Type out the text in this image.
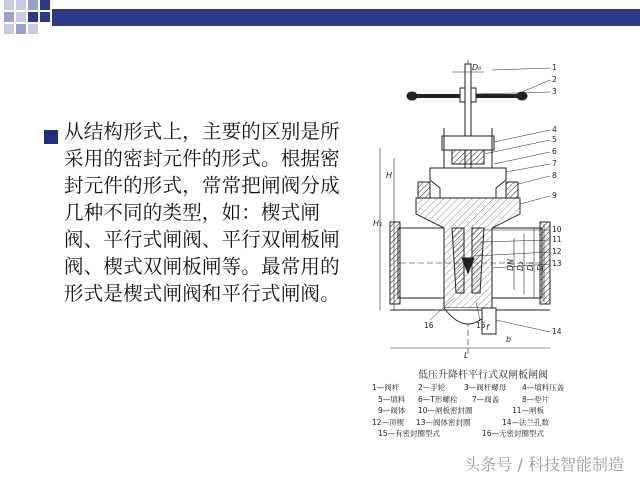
从结构形式上，主要的区别是所采用的密封元件的形式。根据密封元件的形式，常常把闸阀分成几种不同的类型，如：楔式闸阀、平行式闸阀、平行双闸板闸阀、楔式双闸板闸等。最常用的形式是楔式闸阀和平行式闸阀。

D₀
H₁
H
DN D₂ D₁ D
L
b
f
1
2
3
4
5
6
7
8
9
10
11
12
13
14
15
16
低压升降杆平行式双闸板闸阀
1—阀杆 2—手轮 3—阀杆螺母 4—填料压盖
5—填料 6—T形螺栓 7—阀盖	8—垫片
9—阀体 10—闸板密封圈	11—闸板
12—顶楔 13—阀体密封圈	14—法兰孔数
15—有密封圈型式	16—无密封圈型式
头条号 / 科技智能制造
